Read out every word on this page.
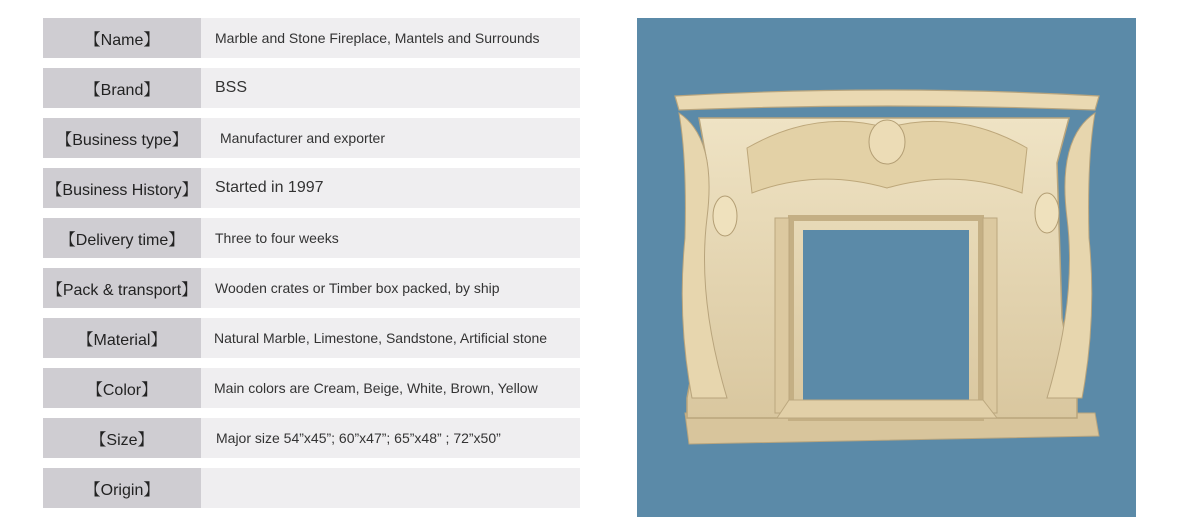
【Name】	Marble and Stone Fireplace, Mantels and Surrounds
【Brand】	BSS
【Business type】	Manufacturer and exporter
【Business History】	Started in 1997
【Delivery time】	Three to four weeks
【Pack & transport】	Wooden crates or Timber box packed, by ship
【Material】	Natural Marble, Limestone, Sandstone, Artificial stone
【Color】	Main colors are Cream, Beige, White, Brown, Yellow
【Size】	Major size 54”x45”; 60”x47”; 65”x48” ; 72”x50”
【Origin】
